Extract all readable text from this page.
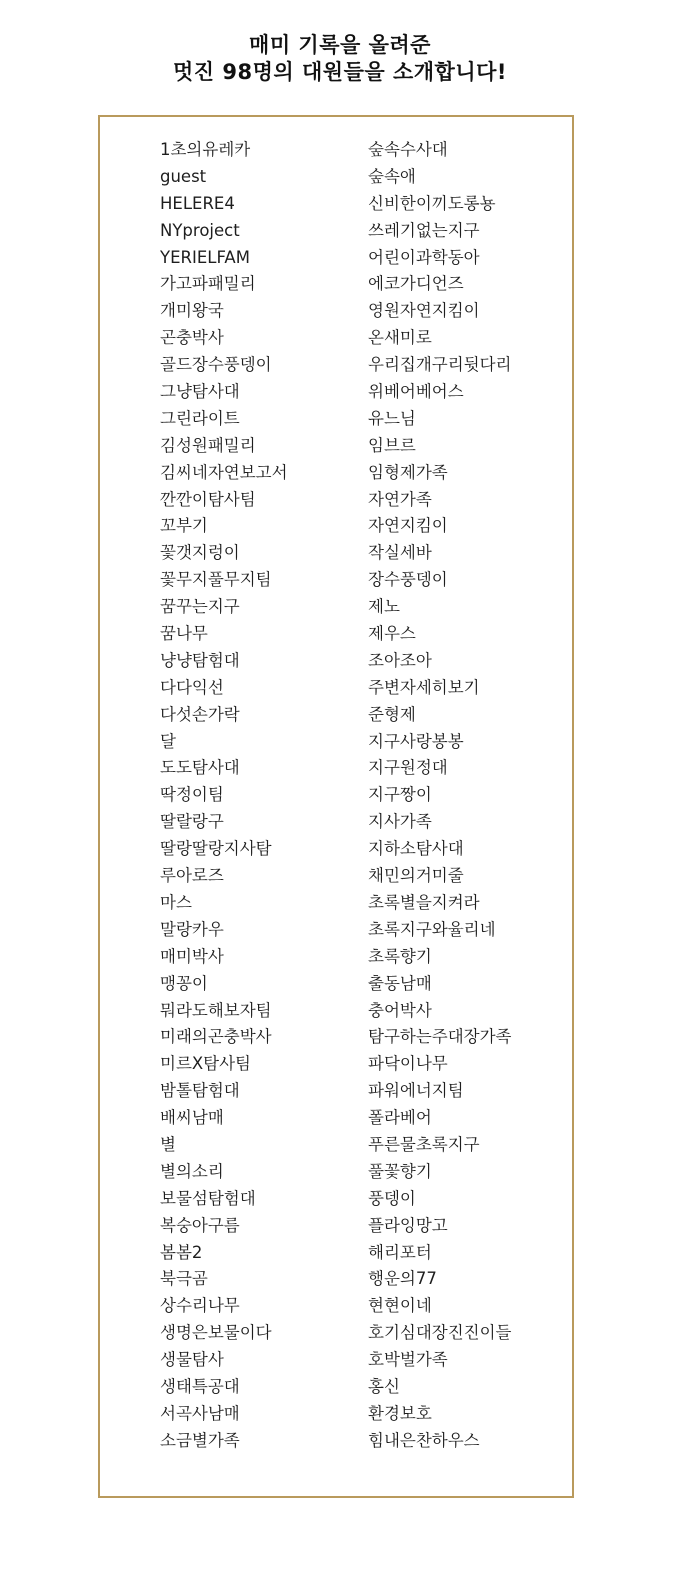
매미 기록을 올려준
멋진 98명의 대원들을 소개합니다!
1초의유레카
guest
HELERE4
NYproject
YERIELFAM
가고파패밀리
개미왕국
곤충박사
골드장수풍뎅이
그냥탐사대
그린라이트
김성원패밀리
김씨네자연보고서
깐깐이탐사팀
꼬부기
꽃갯지렁이
꽃무지풀무지팀
꿈꾸는지구
꿈나무
냥냥탐험대
다다익선
다섯손가락
달
도도탐사대
딱정이팀
딸랄랑구
딸랑딸랑지사탐
루아로즈
마스
말랑카우
매미박사
맹꽁이
뭐라도해보자팀
미래의곤충박사
미르X탐사팀
밤톨탐험대
배씨남매
별
별의소리
보물섬탐험대
복숭아구름
봄봄2
북극곰
상수리나무
생명은보물이다
생물탐사
생태특공대
서곡사남매
소금별가족
숲속수사대
숲속애
신비한이끼도롱뇽
쓰레기없는지구
어린이과학동아
에코가디언즈
영원자연지킴이
온새미로
우리집개구리뒷다리
위베어베어스
유느님
임브르
임형제가족
자연가족
자연지킴이
작실세바
장수풍뎅이
제노
제우스
조아조아
주변자세히보기
준형제
지구사랑봉봉
지구원정대
지구짱이
지사가족
지하소탐사대
채민의거미줄
초록별을지켜라
초록지구와율리네
초록향기
출동남매
충어박사
탐구하는주대장가족
파닥이나무
파워에너지팀
폴라베어
푸른물초록지구
풀꽃향기
풍뎅이
플라잉망고
해리포터
행운의77
현현이네
호기심대장진진이들
호박벌가족
홍신
환경보호
힘내은찬하우스
